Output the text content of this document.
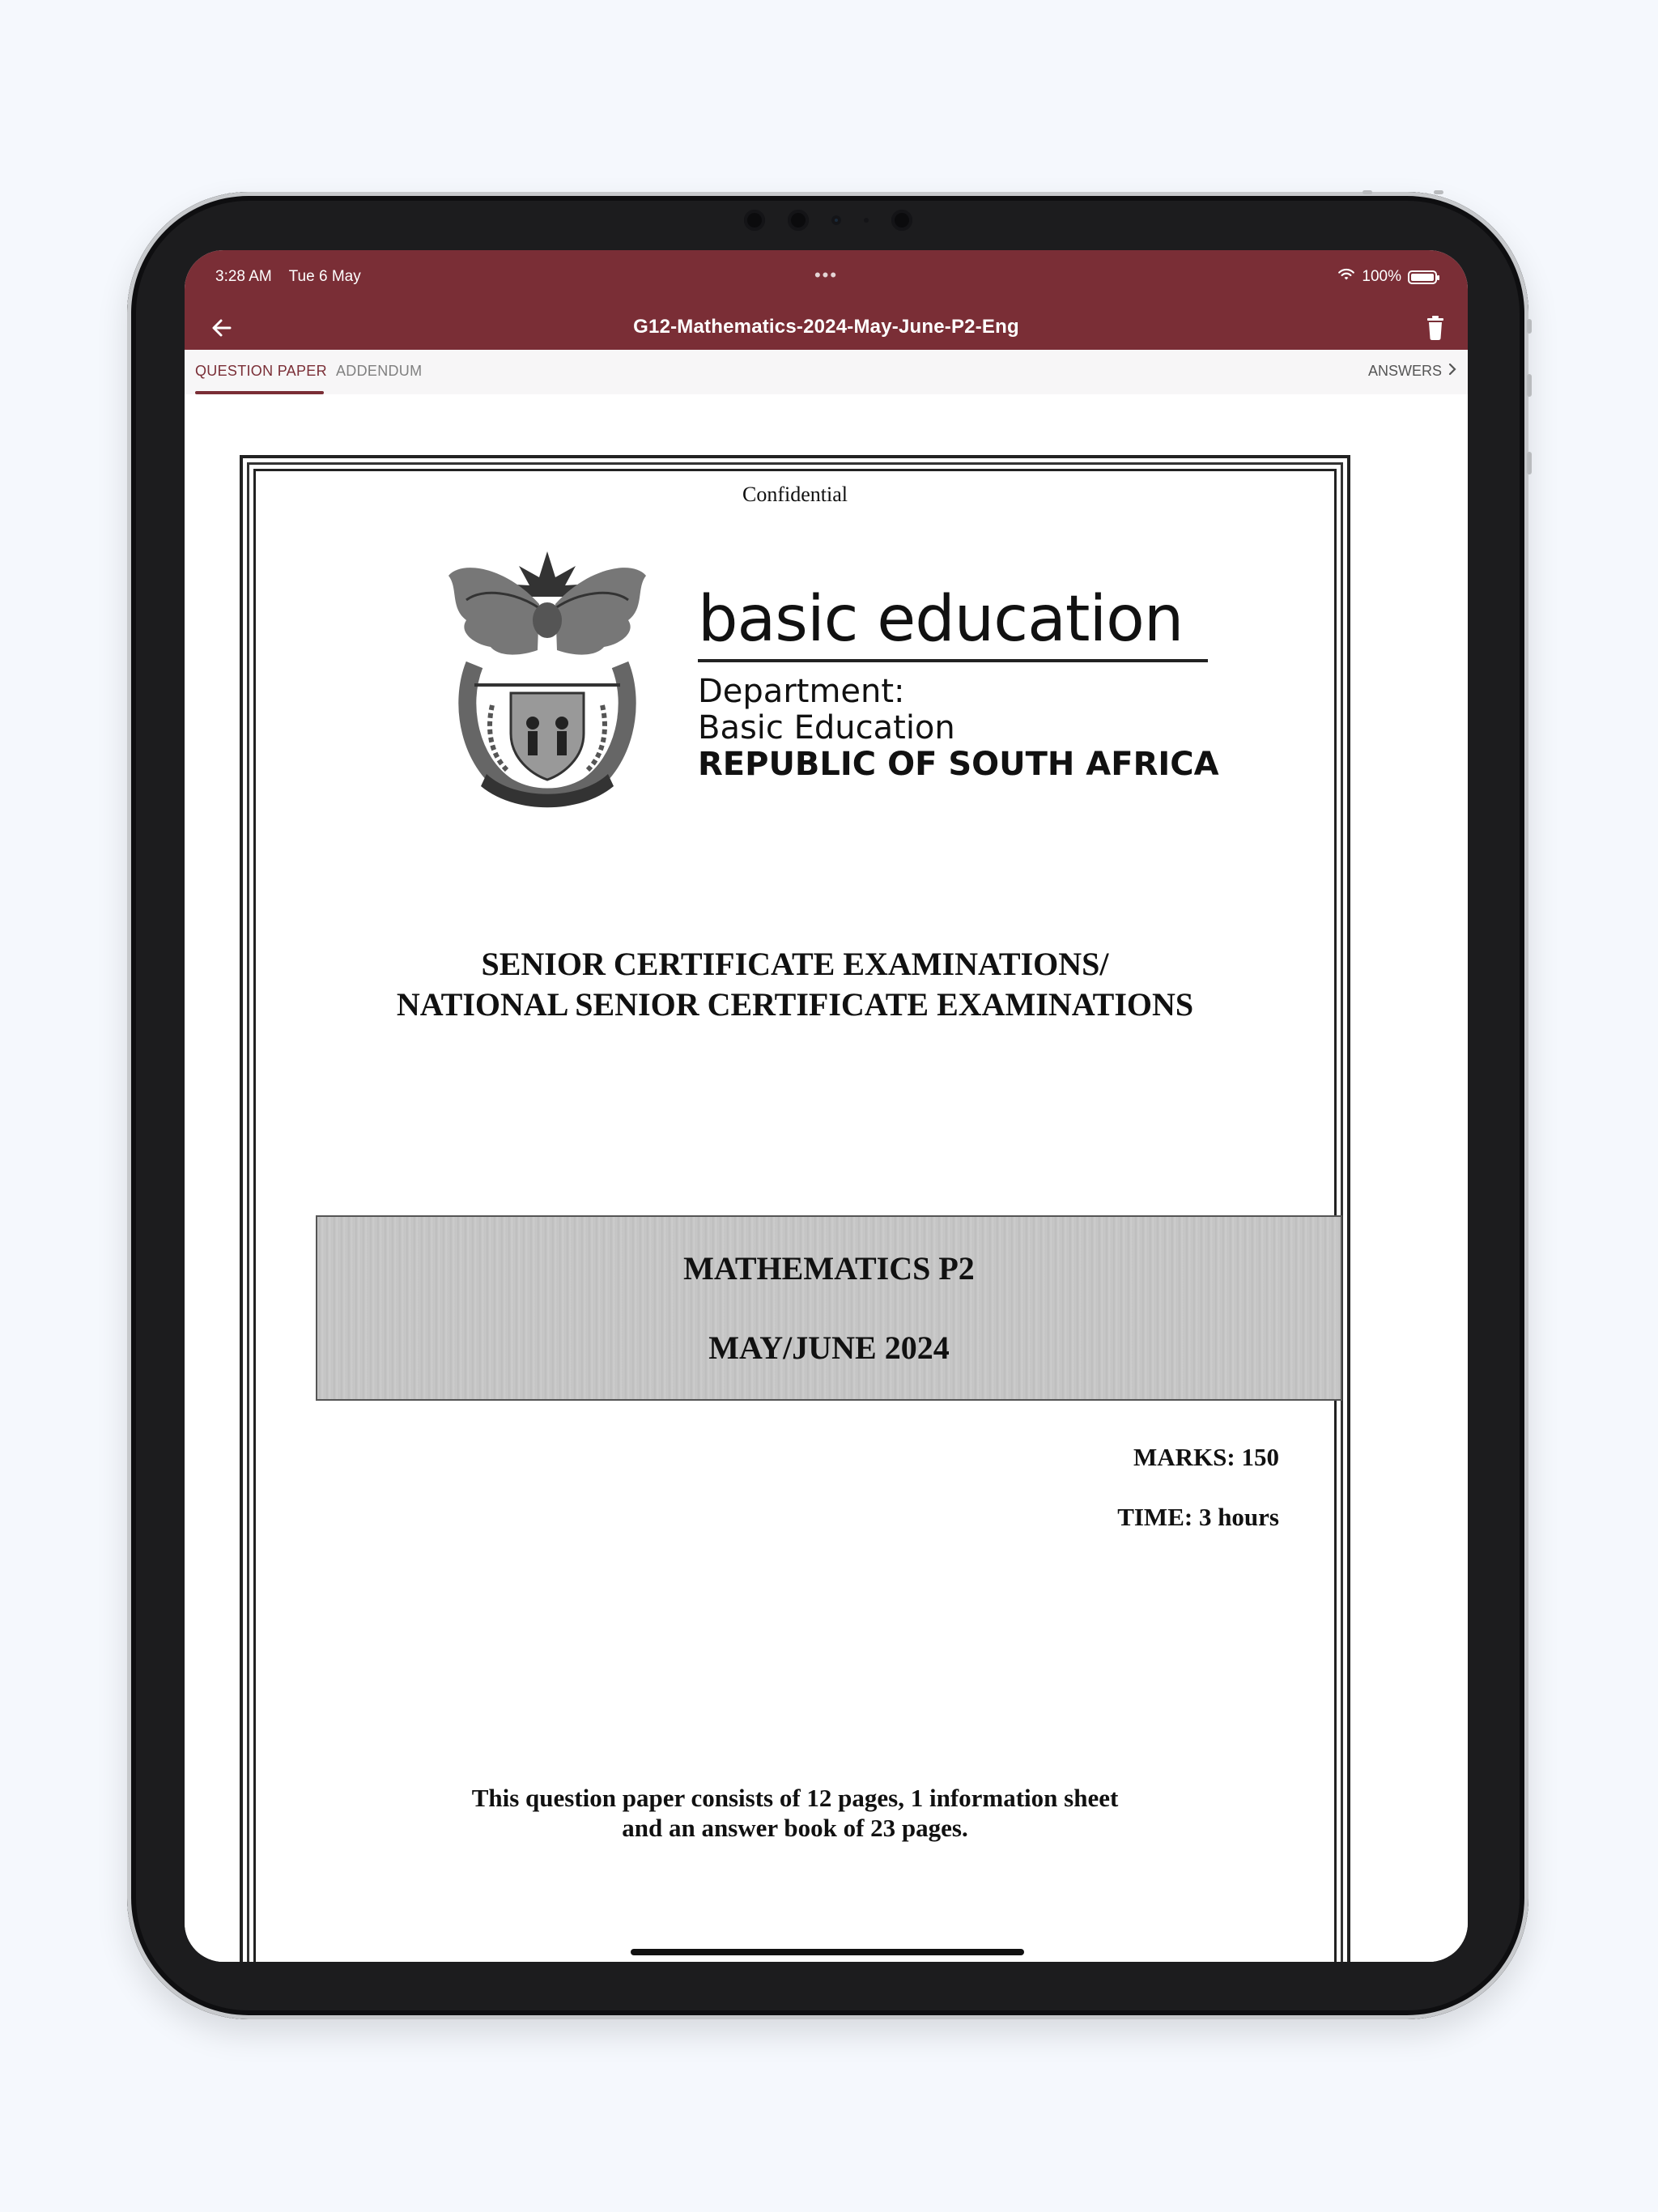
3:28 AM Tue 6 May	•••	100%
G12-Mathematics-2024-May-June-P2-Eng
QUESTION PAPER ADDENDUM	ANSWERS
Confidential
basic education
Department:
Basic Education
REPUBLIC OF SOUTH AFRICA
SENIOR CERTIFICATE EXAMINATIONS/
NATIONAL SENIOR CERTIFICATE EXAMINATIONS
MATHEMATICS P2
MAY/JUNE 2024
MARKS: 150
TIME: 3 hours
This question paper consists of 12 pages, 1 information sheet
and an answer book of 23 pages.
